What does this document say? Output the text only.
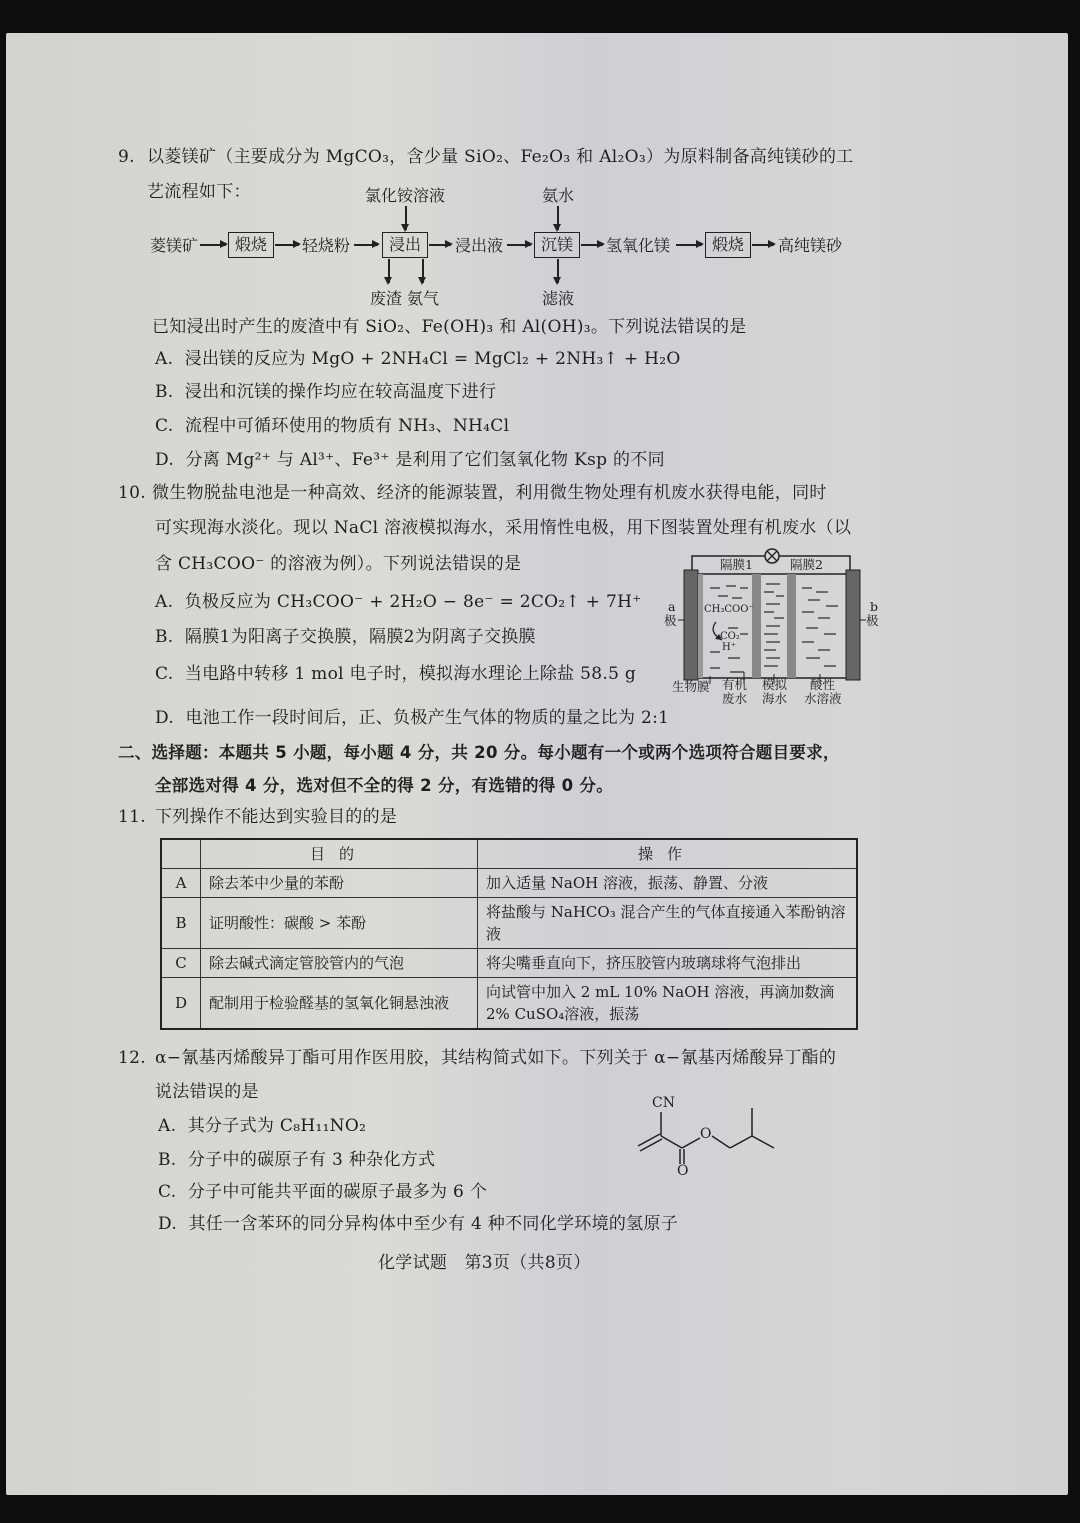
9. 以菱镁矿（主要成分为 MgCO₃，含少量 SiO₂、Fe₂O₃ 和 Al₂O₃）为原料制备高纯镁砂的工
艺流程如下：
菱镁矿	煅烧	轻烧粉
氯化铵溶液
浸出
废渣 氨气
浸出液
氨水
沉镁
滤液
氢氧化镁	煅烧	高纯镁砂
已知浸出时产生的废渣中有 SiO₂、Fe(OH)₃ 和 Al(OH)₃。下列说法错误的是
A. 浸出镁的反应为 MgO + 2NH₄Cl = MgCl₂ + 2NH₃↑ + H₂O
B. 浸出和沉镁的操作均应在较高温度下进行
C. 流程中可循环使用的物质有 NH₃、NH₄Cl
D. 分离 Mg²⁺ 与 Al³⁺、Fe³⁺ 是利用了它们氢氧化物 Ksp 的不同
10. 微生物脱盐电池是一种高效、经济的能源装置，利用微生物处理有机废水获得电能，同时
可实现海水淡化。现以 NaCl 溶液模拟海水，采用惰性电极，用下图装置处理有机废水（以
含 CH₃COO⁻ 的溶液为例）。下列说法错误的是
A. 负极反应为 CH₃COO⁻ + 2H₂O − 8e⁻ = 2CO₂↑ + 7H⁺
B. 隔膜1为阳离子交换膜，隔膜2为阴离子交换膜
C. 当电路中转移 1 mol 电子时，模拟海水理论上除盐 58.5 g
D. 电池工作一段时间后，正、负极产生气体的物质的量之比为 2:1
隔膜1	隔膜2
a
极
b
极
CH₃COO⁻
CO₂
H⁺
生物膜 有机
废水
模拟
海水
酸性
水溶液
二、选择题：本题共 5 小题，每小题 4 分，共 20 分。每小题有一个或两个选项符合题目要求，
全部选对得 4 分，选对但不全的得 2 分，有选错的得 0 分。
11. 下列操作不能达到实验目的的是
	目的	操作
A	除去苯中少量的苯酚	加入适量 NaOH 溶液，振荡、静置、分液
B	证明酸性：碳酸 > 苯酚	将盐酸与 NaHCO₃ 混合产生的气体直接通入苯酚钠溶液
C	除去碱式滴定管胶管内的气泡	将尖嘴垂直向下，挤压胶管内玻璃球将气泡排出
D	配制用于检验醛基的氢氧化铜悬浊液	向试管中加入 2 mL 10% NaOH 溶液，再滴加数滴 2% CuSO₄溶液，振荡
12. α−氰基丙烯酸异丁酯可用作医用胶，其结构简式如下。下列关于 α−氰基丙烯酸异丁酯的
说法错误的是
A. 其分子式为 C₈H₁₁NO₂
B. 分子中的碳原子有 3 种杂化方式
C. 分子中可能共平面的碳原子最多为 6 个
D. 其任一含苯环的同分异构体中至少有 4 种不同化学环境的氢原子
CN
O
O
化学试题　第3页（共8页）
